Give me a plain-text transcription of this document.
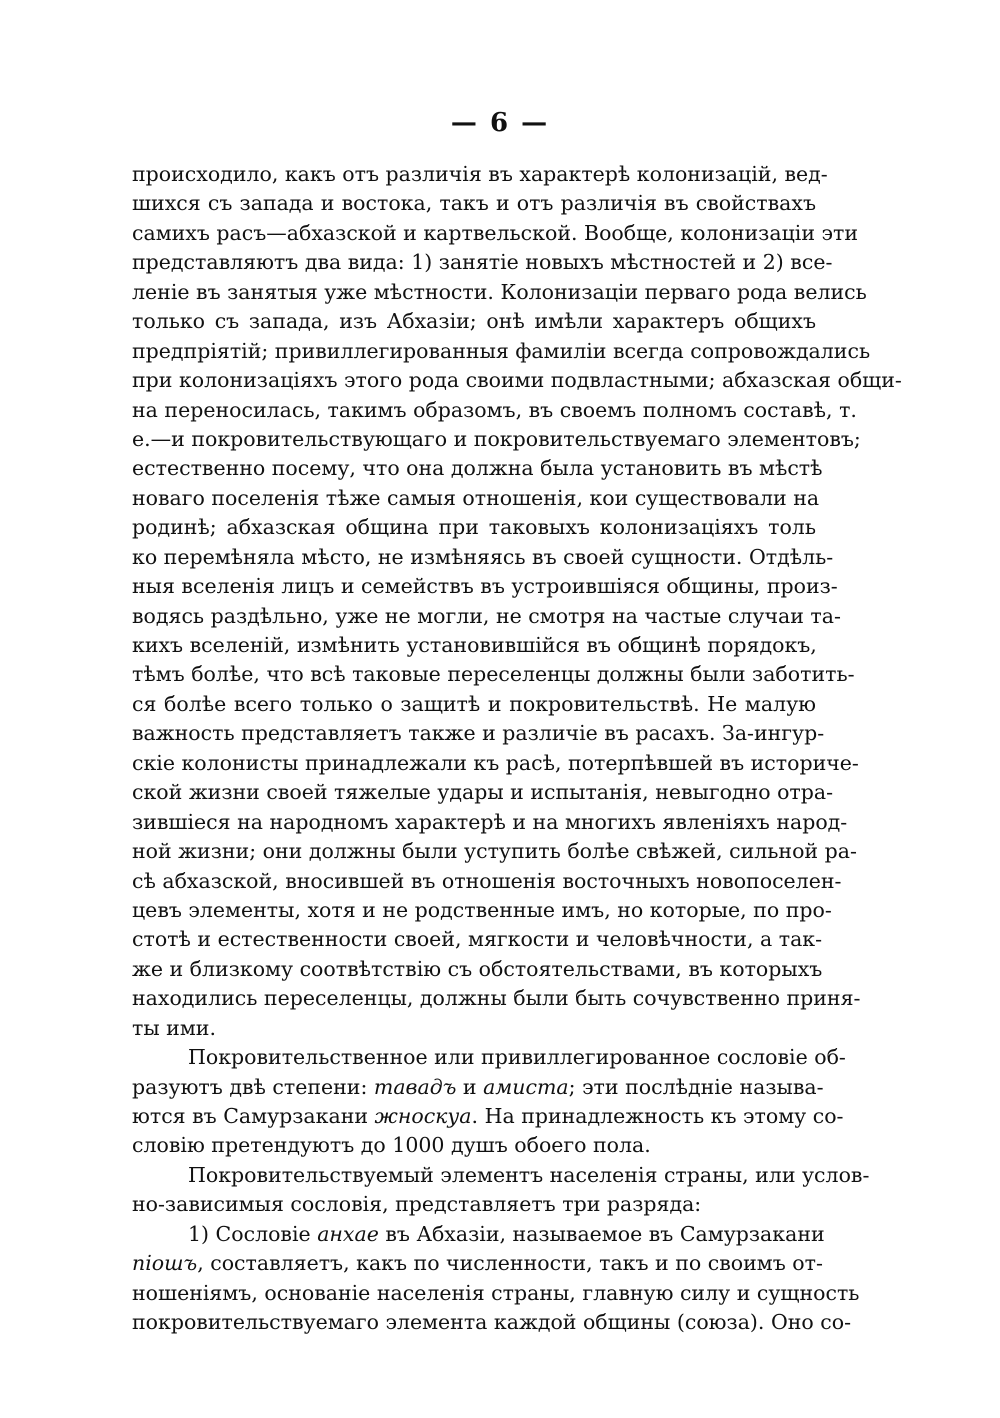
— 6 —
происходило, какъ отъ различія въ характерѣ колонизацій, вед-
шихся съ запада и востока, такъ и отъ различія въ свойствахъ
самихъ расъ—абхазской и картвельской. Вообще, колонизаціи эти
представляютъ два вида: 1) занятіе новыхъ мѣстностей и 2) все-
леніе въ занятыя уже мѣстности. Колонизаціи перваго рода велись
только съ запада, изъ Абхазіи; онѣ имѣли характеръ общихъ
предпріятій; привиллегированныя фамиліи всегда сопровождались
при колонизаціяхъ этого рода своими подвластными; абхазская общи-
на переносилась, такимъ образомъ, въ своемъ полномъ составѣ, т.
е.—и покровительствующаго и покровительствуемаго элементовъ;
естественно посему, что она должна была установить въ мѣстѣ
новаго поселенія тѣже самыя отношенія, кои существовали на
родинѣ; абхазская община при таковыхъ колонизаціяхъ толь
ко перемѣняла мѣсто, не измѣняясь въ своей сущности. Отдѣль-
ныя вселенія лицъ и семействъ въ устроившіяся общины, произ-
водясь раздѣльно, уже не могли, не смотря на частые случаи та-
кихъ вселеній, измѣнить установившійся въ общинѣ порядокъ,
тѣмъ болѣе, что всѣ таковые переселенцы должны были заботить-
ся болѣе всего только о защитѣ и покровительствѣ. Не малую
важность представляетъ также и различіе въ расахъ. За-ингур-
скіе колонисты принадлежали къ расѣ, потерпѣвшей въ историче-
ской жизни своей тяжелые удары и испытанія, невыгодно отра-
зившіеся на народномъ характерѣ и на многихъ явленіяхъ народ-
ной жизни; они должны были уступить болѣе свѣжей, сильной ра-
сѣ абхазской, вносившей въ отношенія восточныхъ новопоселен-
цевъ элементы, хотя и не родственные имъ, но которые, по про-
стотѣ и естественности своей, мягкости и человѣчности, а так-
же и близкому соотвѣтствію съ обстоятельствами, въ которыхъ
находились переселенцы, должны были быть сочувственно приня-
ты ими.
Покровительственное или привиллегированное сословіе об-
разуютъ двѣ степени: тавадъ и амиста; эти послѣдніе называ-
ются въ Самурзакани жноскуа. На принадлежность къ этому со-
словію претендуютъ до 1000 душъ обоего пола.
Покровительствуемый элементъ населенія страны, или услов-
но-зависимыя сословія, представляетъ три разряда:
1) Сословіе анхае въ Абхазіи, называемое въ Самурзакани
піошъ, составляетъ, какъ по численности, такъ и по своимъ от-
ношеніямъ, основаніе населенія страны, главную силу и сущность
покровительствуемаго элемента каждой общины (союза). Оно со-
